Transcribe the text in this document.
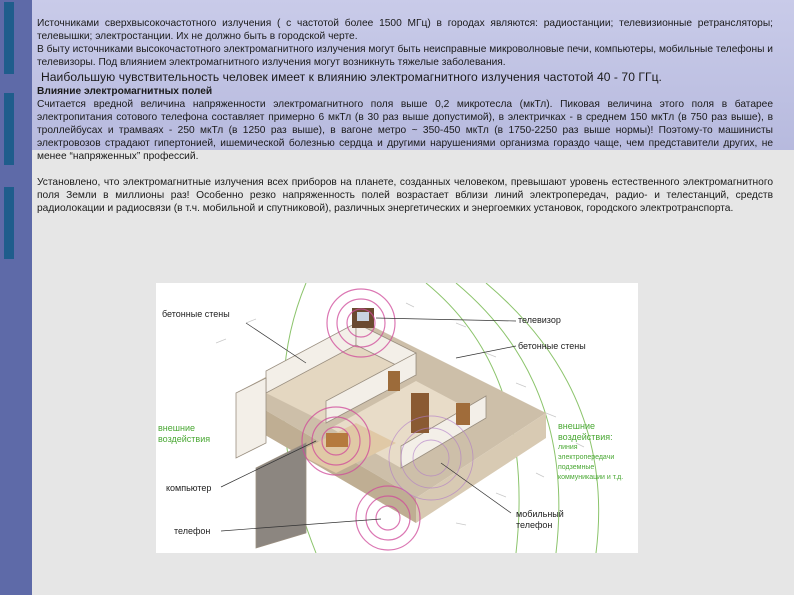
Источниками сверхвысокочастотного излучения ( с частотой более 1500 МГц) в городах являются: радиостанции; телевизионные ретрансляторы; телевышки; электростанции. Их не должно быть в городской черте.

В быту источниками высокочастотного электромагнитного излучения могут быть неисправные микроволновые печи, компьютеры, мобильные телефоны и телевизоры. Под влиянием электромагнитного излучения могут возникнуть тяжелые заболевания.

Наибольшую чувствительность человек имеет к влиянию электромагнитного излучения частотой 40 - 70 ГГц.

Влияние электромагнитных полей

Считается вредной величина напряженности электромагнитного поля выше 0,2 микротесла (мкТл). Пиковая величина этого поля в батарее электропитания сотового телефона составляет примерно 6 мкТл (в 30 раз выше допустимой), в электричках - в среднем 150 мкТл (в 750 раз выше), в троллейбусах и трамваях - 250 мкТл (в 1250 раз выше), в вагоне метро ~ 350-450 мкТл (в 1750-2250 раз выше нормы)! Поэтому-то машинисты электровозов страдают гипертонией, ишемической болезнью сердца и другими нарушениями организма гораздо чаще, чем представители других, не менее “напряженных” профессий.

Установлено, что электромагнитные излучения всех приборов на планете, созданных человеком, превышают уровень естественного электромагнитного поля Земли в миллионы раз! Особенно резко напряженность полей возрастает вблизи линий электропередач, радио- и телестанций, средств радиолокации и радиосвязи (в т.ч. мобильной и спутниковой), различных энергетических и энергоемких установок, городского электротранспорта.

бетонные стены
телевизор
бетонные стены
внешние
воздействия
внешние
воздействия:
линия
электропередачи
подземные
коммуникации и т.д.
компьютер
мобильный
телефон
телефон
